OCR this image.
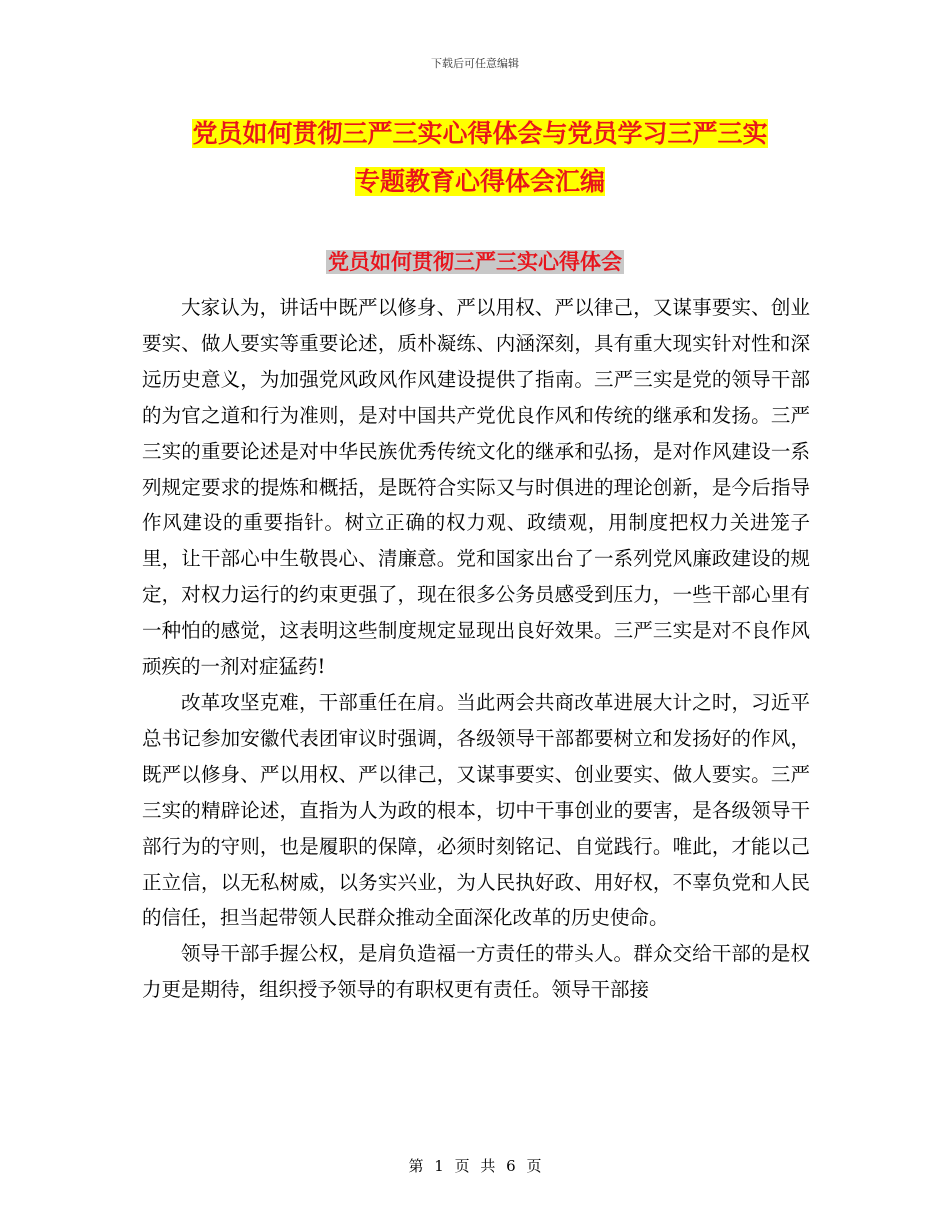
下载后可任意编辑
党员如何贯彻三严三实心得体会与党员学习三严三实
专题教育心得体会汇编
党员如何贯彻三严三实心得体会

大家认为，讲话中既严以修身、严以用权、严以律己，又谋事要实、创业要实、做人要实等重要论述，质朴凝练、内涵深刻，具有重大现实针对性和深远历史意义，为加强党风政风作风建设提供了指南。三严三实是党的领导干部的为官之道和行为准则，是对中国共产党优良作风和传统的继承和发扬。三严三实的重要论述是对中华民族优秀传统文化的继承和弘扬，是对作风建设一系列规定要求的提炼和概括，是既符合实际又与时俱进的理论创新，是今后指导作风建设的重要指针。树立正确的权力观、政绩观，用制度把权力关进笼子里，让干部心中生敬畏心、清廉意。党和国家出台了一系列党风廉政建设的规定，对权力运行的约束更强了，现在很多公务员感受到压力，一些干部心里有一种怕的感觉，这表明这些制度规定显现出良好效果。三严三实是对不良作风顽疾的一剂对症猛药!

改革攻坚克难，干部重任在肩。当此两会共商改革进展大计之时，习近平总书记参加安徽代表团审议时强调，各级领导干部都要树立和发扬好的作风，既严以修身、严以用权、严以律己，又谋事要实、创业要实、做人要实。三严三实的精辟论述，直指为人为政的根本，切中干事创业的要害，是各级领导干部行为的守则，也是履职的保障，必须时刻铭记、自觉践行。唯此，才能以己正立信，以无私树威，以务实兴业，为人民执好政、用好权，不辜负党和人民的信任，担当起带领人民群众推动全面深化改革的历史使命。

领导干部手握公权，是肩负造福一方责任的带头人。群众交给干部的是权力更是期待，组织授予领导的有职权更有责任。领导干部接

第 1 页 共 6 页
